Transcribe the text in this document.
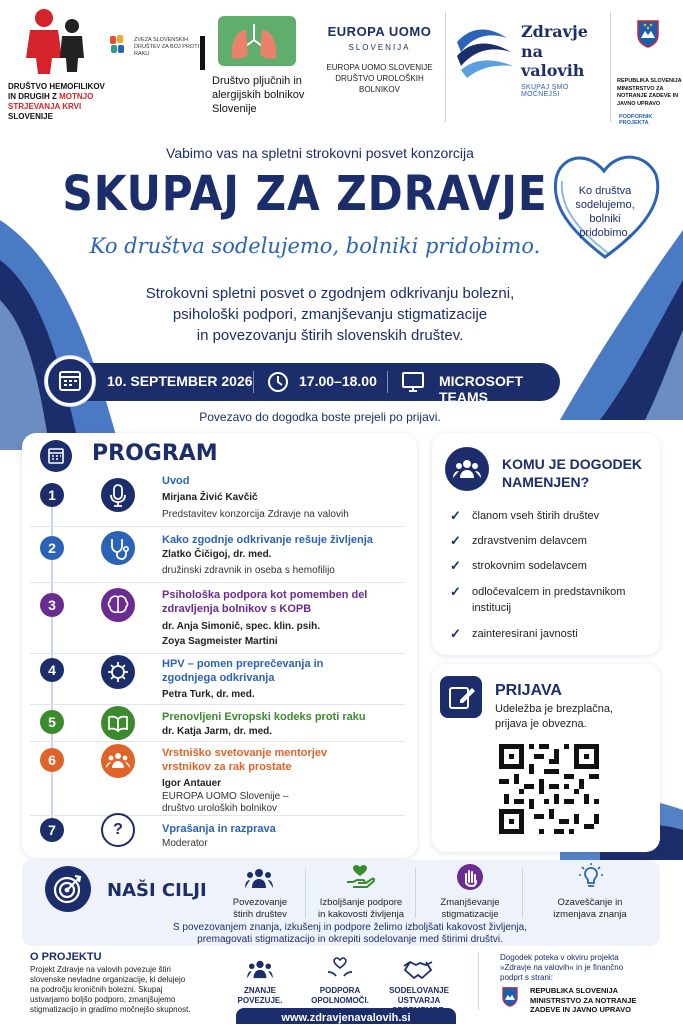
DRUŠTVO HEMOFILIKOV
IN DRUGIH Z MOTNJO
STRJEVANJA KRVI
SLOVENIJE
ZVEZA SLOVENSKIH DRUŠTEV ZA BOJ PROTI RAKU
Društvo pljučnih in alergijskih bolnikov Slovenije
EUROPA UOMO
SLOVENIJA
EUROPA UOMO SLOVENIJE DRUŠTVO UROLOŠKIH BOLNIKOV
Zdravje
na valovih
SKUPAJ SMO MOČNEJŠI
REPUBLIKA SLOVENIJA MINISTRSTVO ZA NOTRANJE ZADEVE IN JAVNO UPRAVO
PODPORNIK PROJEKTA
Vabimo vas na spletni strokovni posvet konzorcija
SKUPAJ ZA ZDRAVJE
Ko društva sodelujemo, bolniki pridobimo.
Ko društva sodelujemo, bolniki pridobimo.
Strokovni spletni posvet o zgodnjem odkrivanju bolezni,
psihološki podpori, zmanjševanju stigmatizacije
in povezovanju štirih slovenskih društev.
10. SEPTEMBER 2026	17.00–18.00	MICROSOFT TEAMS
Povezavo do dogodka boste prejeli po prijavi.
PROGRAM
1
Uvod
Mirjana Živić Kavčič
Predstavitev konzorcija Zdravje na valovih
2	Kako zgodnje odkrivanje rešuje življenja
Zlatko Čičigoj, dr. med.
družinski zdravnik in oseba s hemofilijo
3
Psihološka podpora kot pomemben del
zdravljenja bolnikov s KOPB
dr. Anja Simonič, spec. klin. psih.
Zoya Sagmeister Martini
4	HPV – pomen preprečevanja in
zgodnjega odkrivanja
Petra Turk, dr. med.
5	Prenovljeni Evropski kodeks proti raku
dr. Katja Jarm, dr. med.
6	Vrstniško svetovanje mentorjev
vrstnikov za rak prostate
Igor Antauer
EUROPA UOMO Slovenije –
društvo uroloških bolnikov
7	?	Vprašanja in razprava
Moderator
KOMU JE DOGODEK
NAMENJEN?
✓ članom vseh štirih društev
✓ zdravstvenim delavcem
✓ strokovnim sodelavcem
✓ odločevalcem in predstavnikom
institucij
✓ zainteresirani javnosti
PRIJAVA
Udeležba je brezplačna,
prijava je obvezna.
NAŠI CILJI
Povezovanje
štirih društev
Izboljšanje podpore
in kakovosti življenja
Zmanjševanje
stigmatizacije
Ozaveščanje in
izmenjava znanja
S povezovanjem znanja, izkušenj in podpore želimo izboljšati kakovost življenja,
premagovati stigmatizacijo in okrepiti sodelovanje med štirimi društvi.
O PROJEKTU
Projekt Zdravje na valovih povezuje štiri
slovenske nevladne organizacije, ki delujejo
na področju kroničnih bolezni. Skupaj
ustvarjamo boljšo podporo, zmanjšujemo
stigmatizacijo in gradimo močnejšo skupnost.
ZNANJE
POVEZUJE.
PODPORA
OPOLNOMOČI.
SODELOVANJE
USTVARJA
Dogodek poteka v okviru projekta
»Zdravje na valovih« in je finančno
podprt s strani:
REPUBLIKA SLOVENIJA
MINISTRSTVO ZA NOTRANJE
ZADEVE IN JAVNO UPRAVO
www.zdravjenavalovih.si
